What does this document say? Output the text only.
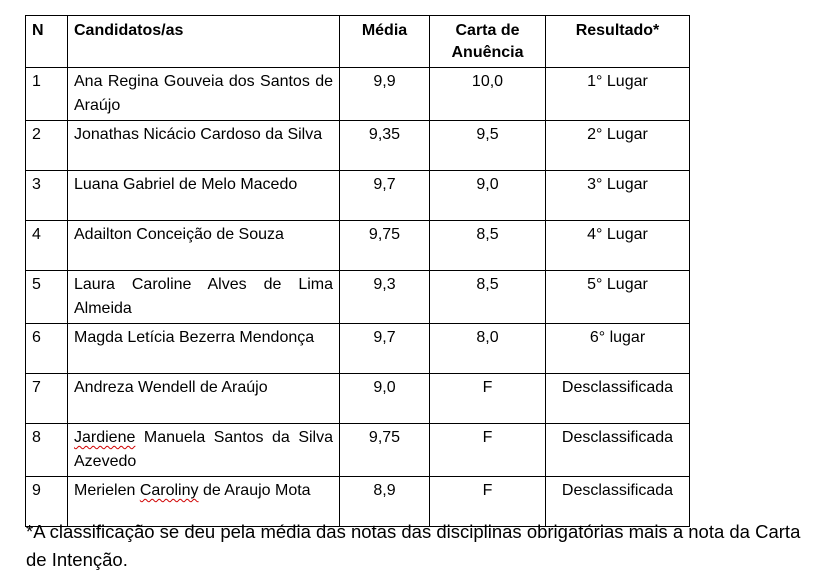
N	Candidatos/as	Média	Carta de Anuência	Resultado*
1	Ana Regina Gouveia dos Santos de Araújo	9,9	10,0	1° Lugar
2	Jonathas Nicácio Cardoso da Silva	9,35	9,5	2° Lugar
3	Luana Gabriel de Melo Macedo	9,7	9,0	3° Lugar
4	Adailton Conceição de Souza	9,75	8,5	4° Lugar
5	Laura Caroline Alves de Lima Almeida	9,3	8,5	5° Lugar
6	Magda Letícia Bezerra Mendonça	9,7	8,0	6° lugar
7	Andreza Wendell de Araújo	9,0	F	Desclassificada
8	Jardiene Manuela Santos da Silva Azevedo	9,75	F	Desclassificada
9	Merielen Caroliny de Araujo Mota	8,9	F	Desclassificada

*A classificação se deu pela média das notas das disciplinas obrigatórias mais a nota da Carta de Intenção.
